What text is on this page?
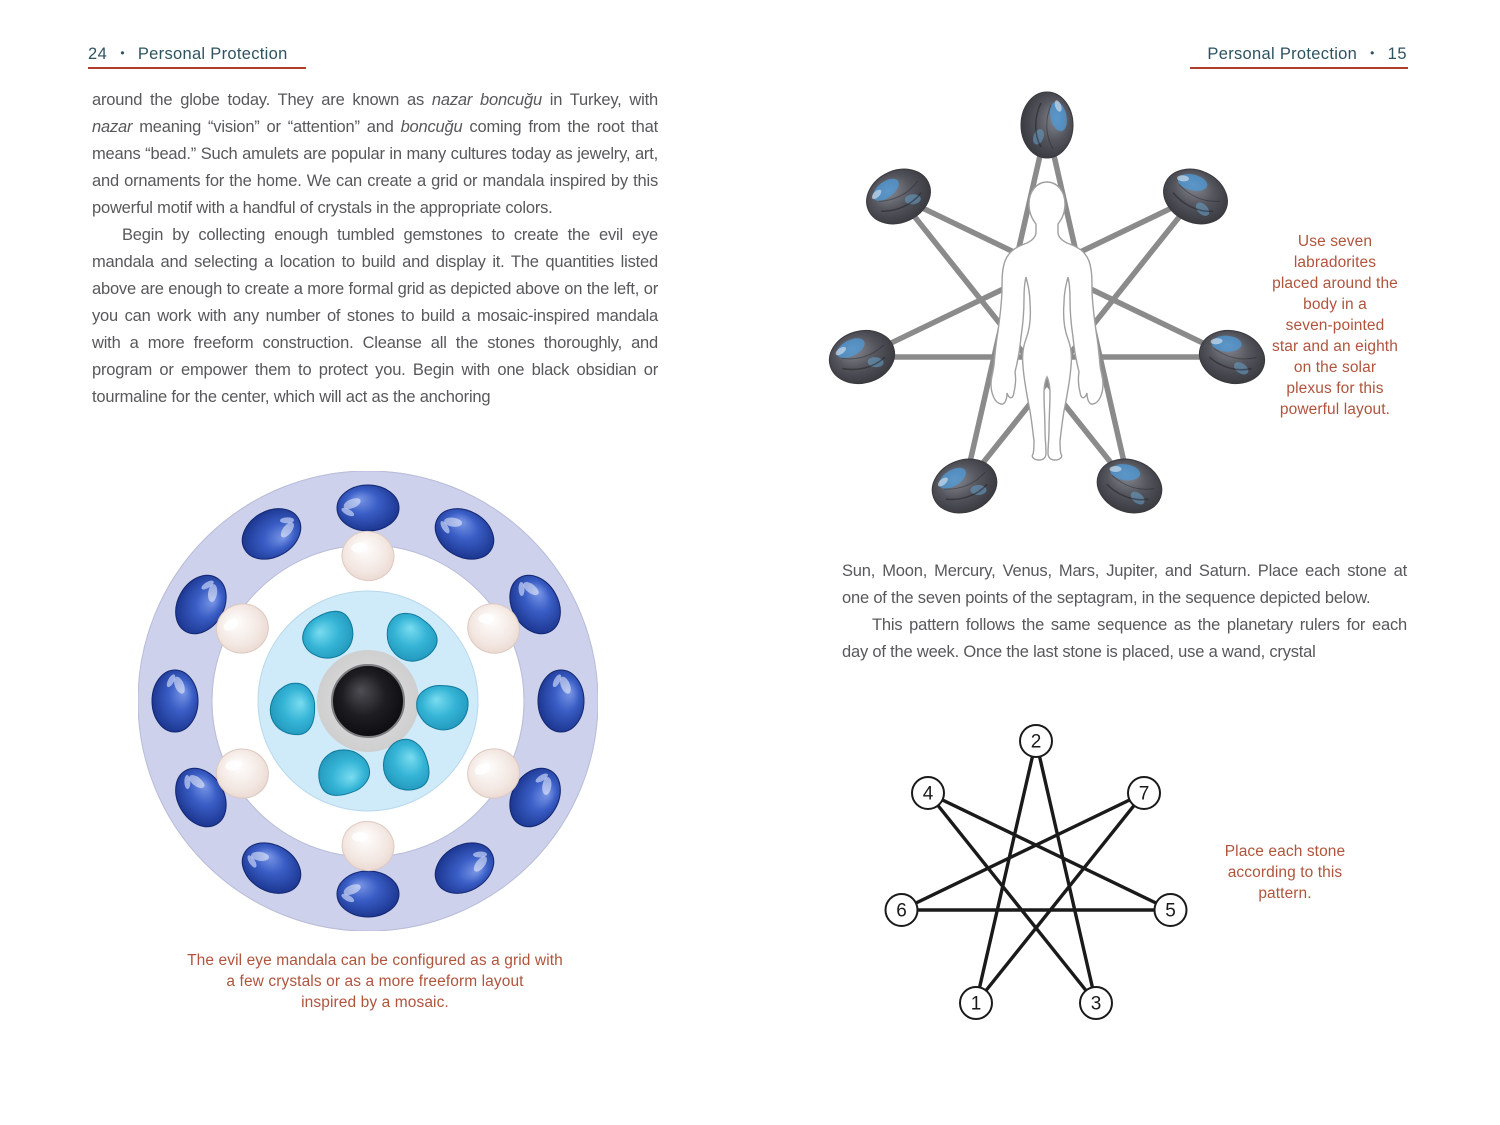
24 • Personal Protection

around the globe today. They are known as nazar boncuğu in Turkey, with nazar meaning “vision” or “attention” and boncuğu coming from the root that means “bead.” Such amulets are popular in many cultures today as jewelry, art, and ornaments for the home. We can create a grid or mandala inspired by this powerful motif with a handful of crystals in the appropriate colors.

Begin by collecting enough tumbled gemstones to create the evil eye mandala and selecting a location to build and display it. The quantities listed above are enough to create a more formal grid as depicted above on the left, or you can work with any number of stones to build a mosaic-inspired mandala with a more freeform construction. Cleanse all the stones thoroughly, and program or empower them to protect you. Begin with one black obsidian or tourmaline for the center, which will act as the anchoring

The evil eye mandala can be configured as a grid with
a few crystals or as a more freeform layout
inspired by a mosaic.
Personal Protection • 15
Use seven
labradorites
placed around the
body in a
seven-pointed
star and an eighth
on the solar
plexus for this
powerful layout.

Sun, Moon, Mercury, Venus, Mars, Jupiter, and Saturn. Place each stone at one of the seven points of the septagram, in the sequence depicted below.

This pattern follows the same sequence as the planetary rulers for each day of the week. Once the last stone is placed, use a wand, crystal

2
4	7
6	5
1	3
Place each stone
according to this
pattern.
